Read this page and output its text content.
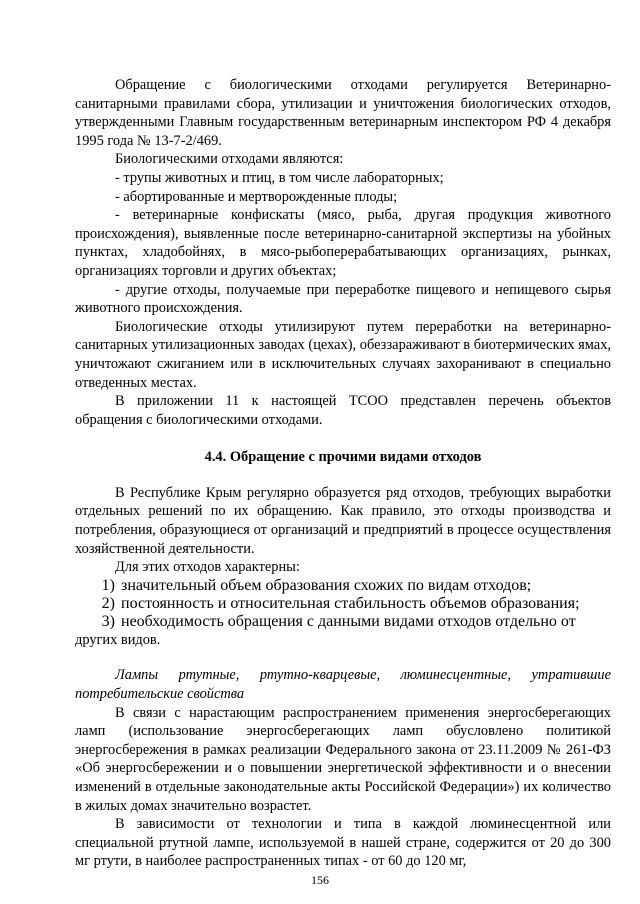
Обращение с биологическими отходами регулируется Ветеринарно-санитарными правилами сбора, утилизации и уничтожения биологических отходов, утвержденными Главным государственным ветеринарным инспектором РФ 4 декабря 1995 года № 13-7-2/469.

Биологическими отходами являются:

- трупы животных и птиц, в том числе лабораторных;

- абортированные и мертворожденные плоды;

- ветеринарные конфискаты (мясо, рыба, другая продукция животного происхождения), выявленные после ветеринарно-санитарной экспертизы на убойных пунктах, хладобойнях, в мясо-рыбоперерабатывающих организациях, рынках, организациях торговли и других объектах;

- другие отходы, получаемые при переработке пищевого и непищевого сырья животного происхождения.

Биологические отходы утилизируют путем переработки на ветеринарно-санитарных утилизационных заводах (цехах), обеззараживают в биотермических ямах, уничтожают сжиганием или в исключительных случаях захоранивают в специально отведенных местах.

В приложении 11 к настоящей ТСОО представлен перечень объектов обращения с биологическими отходами.

4.4. Обращение с прочими видами отходов

В Республике Крым регулярно образуется ряд отходов, требующих выработки отдельных решений по их обращению. Как правило, это отходы производства и потребления, образующиеся от организаций и предприятий в процессе осуществления хозяйственной деятельности.

Для этих отходов характерны:

1) значительный объем образования схожих по видам отходов;
2) постоянность и относительная стабильность объемов образования;
3) необходимость обращения с данными видами отходов отдельно от

других видов.

Лампы ртутные, ртутно-кварцевые, люминесцентные, утратившие потребительские свойства

В связи с нарастающим распространением применения энергосберегающих ламп (использование энергосберегающих ламп обусловлено политикой энергосбережения в рамках реализации Федерального закона от 23.11.2009 № 261-ФЗ «Об энергосбережении и о повышении энергетической эффективности и о внесении изменений в отдельные законодательные акты Российской Федерации») их количество в жилых домах значительно возрастет.

В зависимости от технологии и типа в каждой люминесцентной или специальной ртутной лампе, используемой в нашей стране, содержится от 20 до 300 мг ртути, в наиболее распространенных типах - от 60 до 120 мг,

156
